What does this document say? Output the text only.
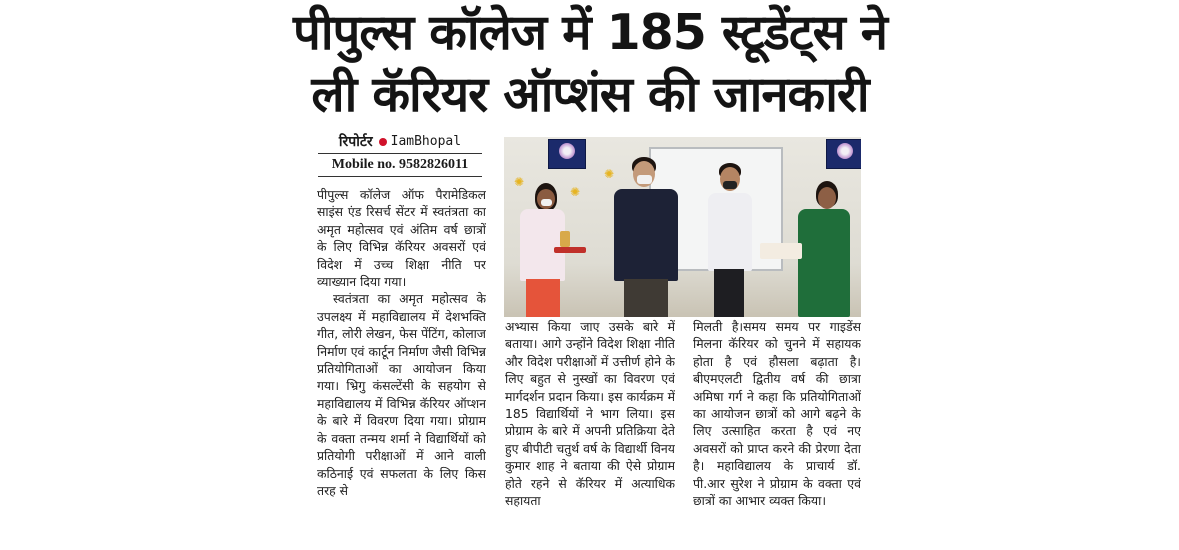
पीपुल्स कॉलेज में 185 स्टूडेंट्स ने
ली कॅरियर ऑप्शंस की जानकारी
रिपोर्टर IamBhopal
Mobile no. 9582826011

पीपुल्स कॉलेज ऑफ पैरामेडिकल साइंस एंड रिसर्च सेंटर में स्वतंत्रता का अमृत महोत्सव एवं अंतिम वर्ष छात्रों के लिए विभिन्न कॅरियर अवसरों एवं विदेश में उच्च शिक्षा नीति पर व्याख्यान दिया गया।

स्वतंत्रता का अमृत महोत्सव के उपलक्ष्य में महाविद्यालय में देशभक्ति गीत, लोरी लेखन, फेस पेंटिंग, कोलाज निर्माण एवं कार्टून निर्माण जैसी विभिन्न प्रतियोगिताओं का आयोजन किया गया। भ्रिगु कंसल्टेंसी के सहयोग से महाविद्यालय में विभिन्न कॅरियर ऑप्शन के बारे में विवरण दिया गया। प्रोग्राम के वक्ता तन्मय शर्मा ने विद्यार्थियों को प्रतियोगी परीक्षाओं में आने वाली कठिनाई एवं सफलता के लिए किस तरह से

✺
✺
✺

अभ्यास किया जाए उसके बारे में बताया। आगे उन्होंने विदेश शिक्षा नीति और विदेश परीक्षाओं में उत्तीर्ण होने के लिए बहुत से नुस्खों का विवरण एवं मार्गदर्शन प्रदान किया। इस कार्यक्रम में 185 विद्यार्थियों ने भाग लिया। इस प्रोग्राम के बारे में अपनी प्रतिक्रिया देते हुए बीपीटी चतुर्थ वर्ष के विद्यार्थी विनय कुमार शाह ने बताया की ऐसे प्रोग्राम होते रहने से कॅरियर में अत्याधिक सहायता

मिलती है।समय समय पर गाइडेंस मिलना कॅरियर को चुनने में सहायक होता है एवं हौसला बढ़ाता है। बीएमएलटी द्वितीय वर्ष की छात्रा अमिषा गर्ग ने कहा कि प्रतियोगिताओं का आयोजन छात्रों को आगे बढ़ने के लिए उत्साहित करता है एवं नए अवसरों को प्राप्त करने की प्रेरणा देता है। महाविद्यालय के प्राचार्य डॉ. पी.आर सुरेश ने प्रोग्राम के वक्ता एवं छात्रों का आभार व्यक्त किया।
